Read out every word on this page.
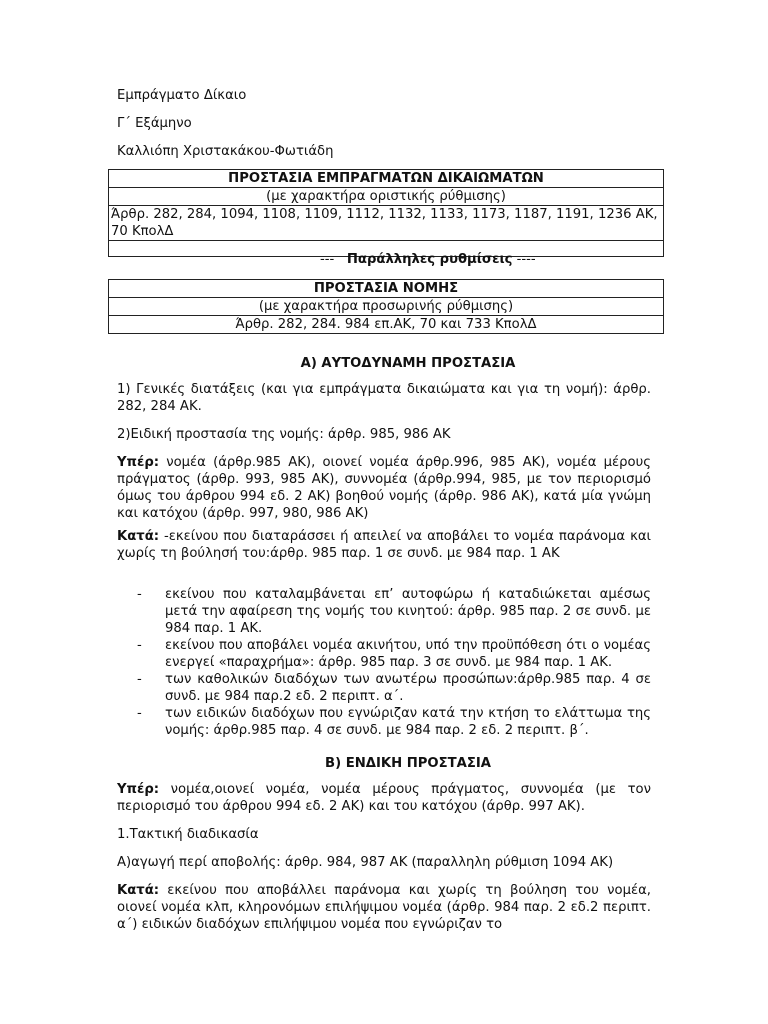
Εμπράγματο Δίκαιο
Γ΄ Εξάμηνο
Καλλιόπη Χριστακάκου-Φωτιάδη
ΠΡΟΣΤΑΣΙΑ ΕΜΠΡΑΓΜΑΤΩΝ ΔΙΚΑΙΩΜΑΤΩΝ
(με χαρακτήρα οριστικής ρύθμισης)
Άρθρ. 282, 284, 1094, 1108, 1109, 1112, 1132, 1133, 1173, 1187, 1191, 1236 ΑΚ, 70 ΚπολΔ

--- Παράλληλες ρυθμίσεις ----
ΠΡΟΣΤΑΣΙΑ ΝΟΜΗΣ
(με χαρακτήρα προσωρινής ρύθμισης)
Άρθρ. 282, 284. 984 επ.ΑΚ, 70 και 733 ΚπολΔ
Α) ΑΥΤΟΔΥΝΑΜΗ ΠΡΟΣΤΑΣΙΑ
1) Γενικές διατάξεις (και για εμπράγματα δικαιώματα και για τη νομή): άρθρ. 282, 284 ΑΚ.
2)Ειδική προστασία της νομής: άρθρ. 985, 986 ΑΚ
Υπέρ: νομέα (άρθρ.985 ΑΚ), οιονεί νομέα άρθρ.996, 985 ΑΚ), νομέα μέρους πράγματος (άρθρ. 993, 985 ΑΚ), συννομέα (άρθρ.994, 985, με τον περιορισμό όμως του άρθρου 994 εδ. 2 ΑΚ) βοηθού νομής (άρθρ. 986 ΑΚ), κατά μία γνώμη και κατόχου (άρθρ. 997, 980, 986 ΑΚ)
Κατά: -εκείνου που διαταράσσει ή απειλεί να αποβάλει το νομέα παράνομα και χωρίς τη βούλησή του:άρθρ. 985 παρ. 1 σε συνδ. με 984 παρ. 1 ΑΚ
- εκείνου που καταλαμβάνεται επ’ αυτοφώρω ή καταδιώκεται αμέσως μετά την αφαίρεση της νομής του κινητού: άρθρ. 985 παρ. 2 σε συνδ. με 984 παρ. 1 ΑΚ.
- εκείνου που αποβάλει νομέα ακινήτου, υπό την προϋπόθεση ότι ο νομέας ενεργεί «παραχρήμα»: άρθρ. 985 παρ. 3 σε συνδ. με 984 παρ. 1 ΑΚ.
- των καθολικών διαδόχων των ανωτέρω προσώπων:άρθρ.985 παρ. 4 σε συνδ. με 984 παρ.2 εδ. 2 περιπτ. α΄.
- των ειδικών διαδόχων που εγνώριζαν κατά την κτήση το ελάττωμα της νομής: άρθρ.985 παρ. 4 σε συνδ. με 984 παρ. 2 εδ. 2 περιπτ. β΄.
Β) ΕΝΔΙΚΗ ΠΡΟΣΤΑΣΙΑ
Υπέρ: νομέα,οιονεί νομέα, νομέα μέρους πράγματος, συννομέα (με τον περιορισμό του άρθρου 994 εδ. 2 ΑΚ) και του κατόχου (άρθρ. 997 ΑΚ).
1.Τακτική διαδικασία
Α)αγωγή περί αποβολής: άρθρ. 984, 987 ΑΚ (παραλληλη ρύθμιση 1094 ΑΚ)
Κατά: εκείνου που αποβάλλει παράνομα και χωρίς τη βούληση του νομέα, οιονεί νομέα κλπ, κληρονόμων επιλήψιμου νομέα (άρθρ. 984 παρ. 2 εδ.2 περιπτ. α΄) ειδικών διαδόχων επιλήψιμου νομέα που εγνώριζαν το
